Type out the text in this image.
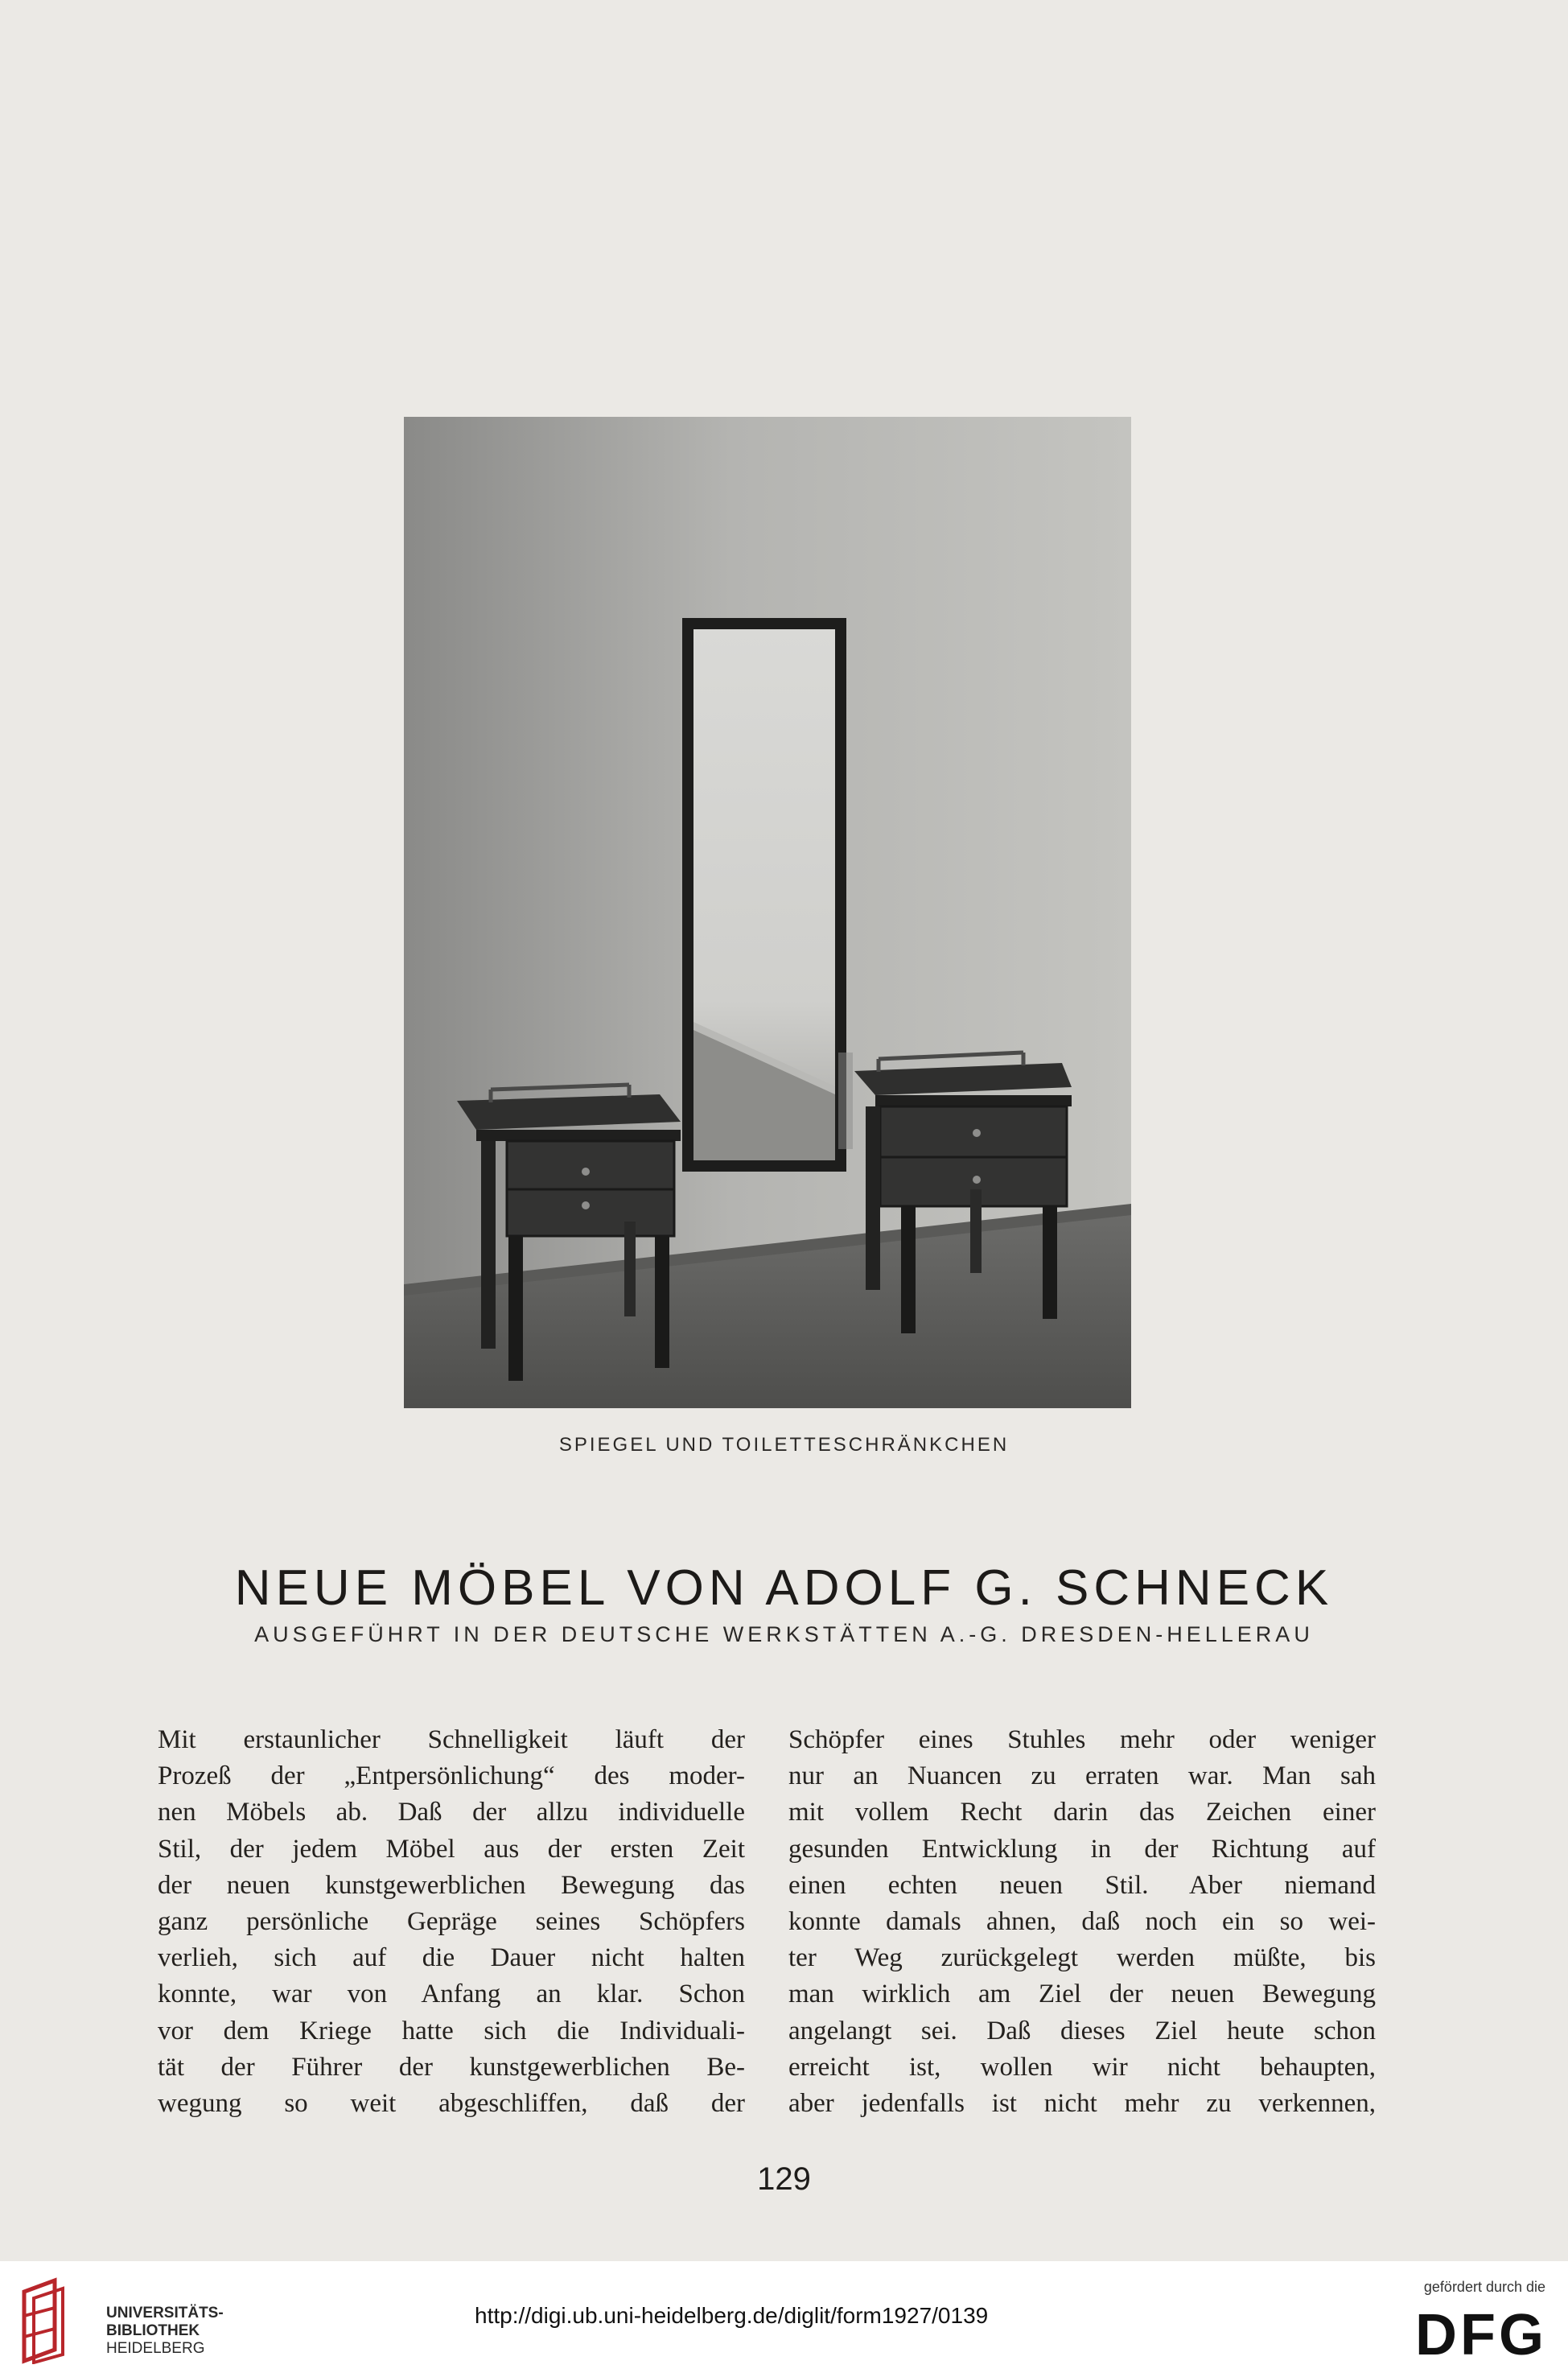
SPIEGEL UND TOILETTESCHRÄNKCHEN
NEUE MÖBEL VON ADOLF G. SCHNECK
AUSGEFÜHRT IN DER DEUTSCHE WERKSTÄTTEN A.-G. DRESDEN-HELLERAU
Mit erstaunlicher Schnelligkeit läuft der
Prozeß der „Entpersönlichung“ des moder-
nen Möbels ab. Daß der allzu individuelle
Stil, der jedem Möbel aus der ersten Zeit
der neuen kunstgewerblichen Bewegung das
ganz persönliche Gepräge seines Schöpfers
verlieh, sich auf die Dauer nicht halten
konnte, war von Anfang an klar. Schon
vor dem Kriege hatte sich die Individuali-
tät der Führer der kunstgewerblichen Be-
wegung so weit abgeschliffen, daß der
Schöpfer eines Stuhles mehr oder weniger
nur an Nuancen zu erraten war. Man sah
mit vollem Recht darin das Zeichen einer
gesunden Entwicklung in der Richtung auf
einen echten neuen Stil. Aber niemand
konnte damals ahnen, daß noch ein so wei-
ter Weg zurückgelegt werden müßte, bis
man wirklich am Ziel der neuen Bewegung
angelangt sei. Daß dieses Ziel heute schon
erreicht ist, wollen wir nicht behaupten,
aber jedenfalls ist nicht mehr zu verkennen,
129
UNIVERSITÄTS-
BIBLIOTHEK
HEIDELBERG
http://digi.ub.uni-heidelberg.de/diglit/form1927/0139
gefördert durch die
DFG
